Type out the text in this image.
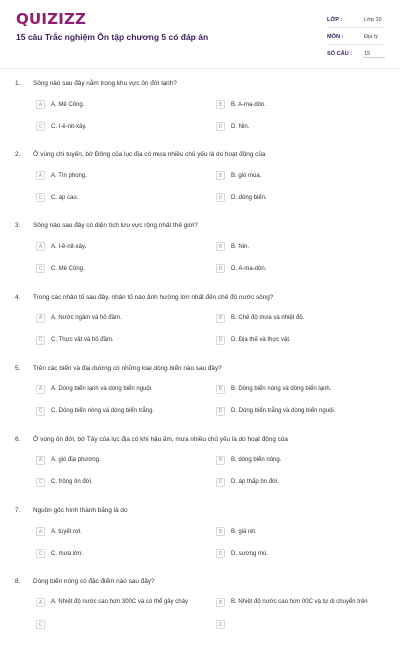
QUIZIZZ
15 câu Trắc nghiệm Ôn tập chương 5 có đáp án
LỚP :	Lớp 10
MÔN :	Địa lý
SỐ CÂU :	15
1. Sông nào sau đây nằm trong khu vực ôn đới lạnh?
A	A. Mê Công.	B	B. A-ma-dôn.
C	C. I-ê-nit-xây.	D	D. Nin.
2. Ở vùng chí tuyến, bờ Đông của lục địa có mưa nhiều chủ yếu là do hoạt động của
A	A. Tín phong.	B	B. gió mùa.
C	C. áp cao.	D	D. dòng biển.
3. Sông nào sau đây có diện tích lưu vực rộng nhất thế giới?
A	A. I-ê-nit-xây.	B	B. Nin.
C	C. Mê Công.	D	D. A-ma-dôn.
4. Trong các nhân tố sau đây, nhân tố nào ảnh hưởng lớn nhất đến chế độ nước sông?
A	A. Nước ngầm và hồ đầm.	B	B. Chế độ mưa và nhiệt độ.
C	C. Thực vật và hồ đầm.	D	D. Địa thế và thực vật.
5. Trên các biển và đại dương có những loại dòng biển nào sau đây?
A	A. Dòng biển lạnh và dòng biển nguội.	B	B. Dòng biển nóng và dòng biển lạnh.
C	C. Dòng biển nóng và dòng biển trắng.	D	D. Dòng biển trắng và dòng biển nguội.
6. Ở vùng ôn đới, bờ Tây của lục địa có khí hậu ấm, mưa nhiều chủ yếu là do hoạt động của
A	A. gió địa phương.	B	B. dòng biển nóng.
C	C. frông ôn đới.	D	D. áp thấp ôn đới.
7. Nguồn gốc hình thành băng là do
A	A. tuyết rơi.	B	B. giá rét.
C	C. mưa lớn.	D	D. sương mù.
8. Dòng biển nóng có đặc điểm nào sau đây?
A	A. Nhiệt độ nước cao hơn 300C và có thể gây cháy	B	B. Nhiệt độ nước cao hơn 00C và tự di chuyển trên
C	D
